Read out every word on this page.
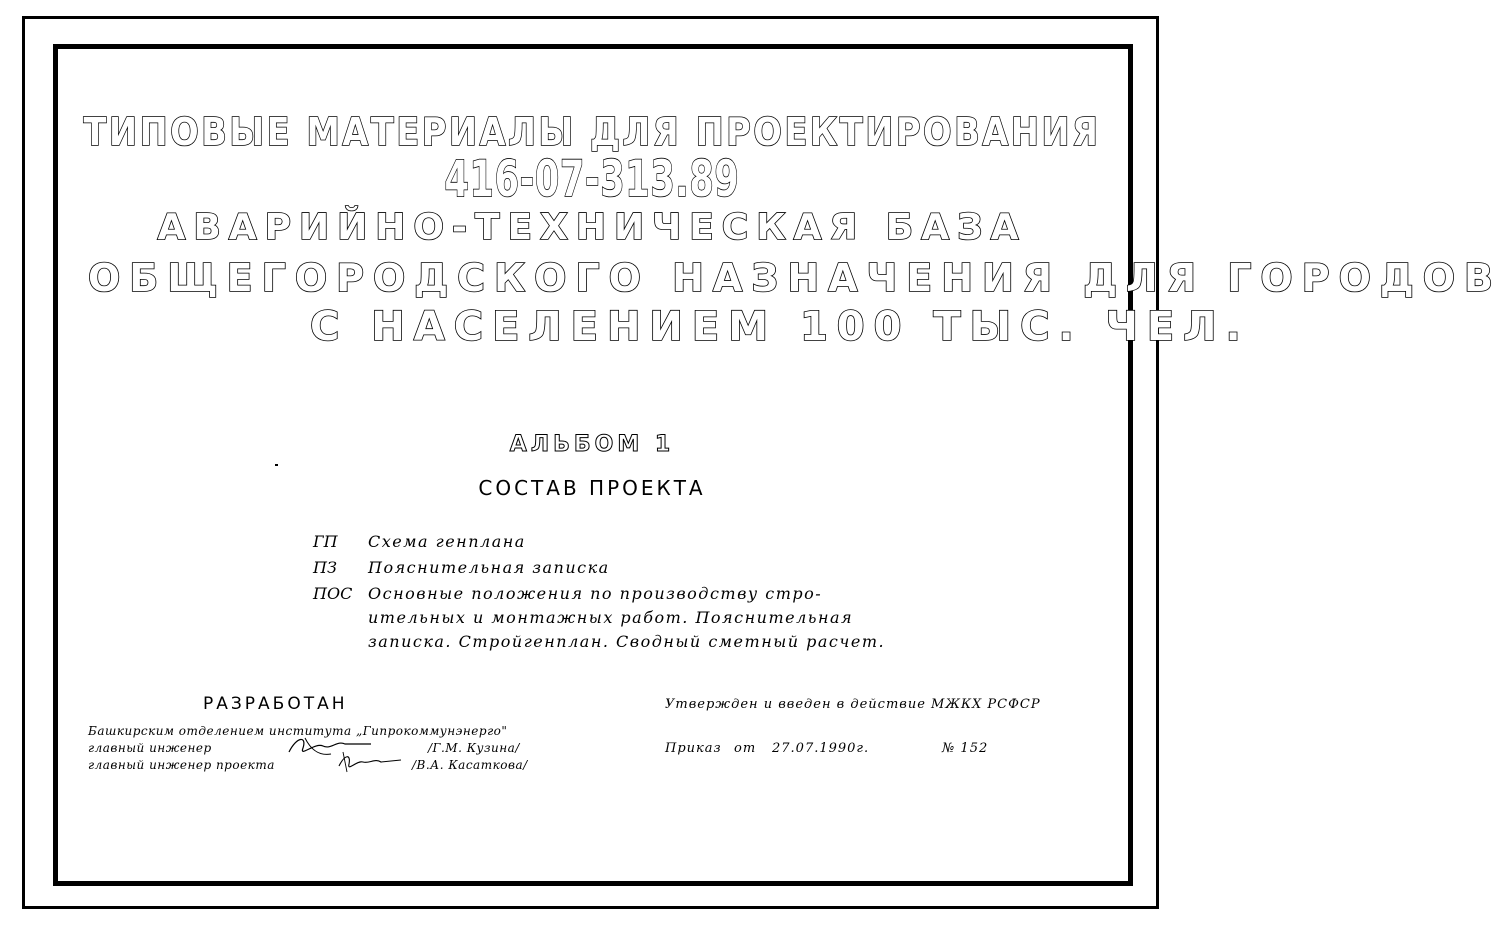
ТИПОВЫЕ МАТЕРИАЛЫ ДЛЯ ПРОЕКТИРОВАНИЯ
416-07-313.89
АВАРИЙНО-ТЕХНИЧЕСКАЯ БАЗА
ОБЩЕГОРОДСКОГО НАЗНАЧЕНИЯ ДЛЯ ГОРОДОВ
С НАСЕЛЕНИЕМ 100 ТЫС. ЧЕЛ.
АЛЬБОМ 1
СОСТАВ ПРОЕКТА
ГП Схема генплана
ПЗ Пояснительная записка
ПОС Основные положения по производству стро-
ительных и монтажных работ. Пояснительная
записка. Стройгенплан. Сводный сметный расчет.
РАЗРАБОТАН
Башкирским отделением института „Гипрокоммунэнерго"
главный инженер	/Г.М. Кузина/
главный инженер проекта	/В.А. Касаткова/
Утвержден и введен в действие МЖКХ РСФСР
Приказ от 27.07.1990г.	№ 152
